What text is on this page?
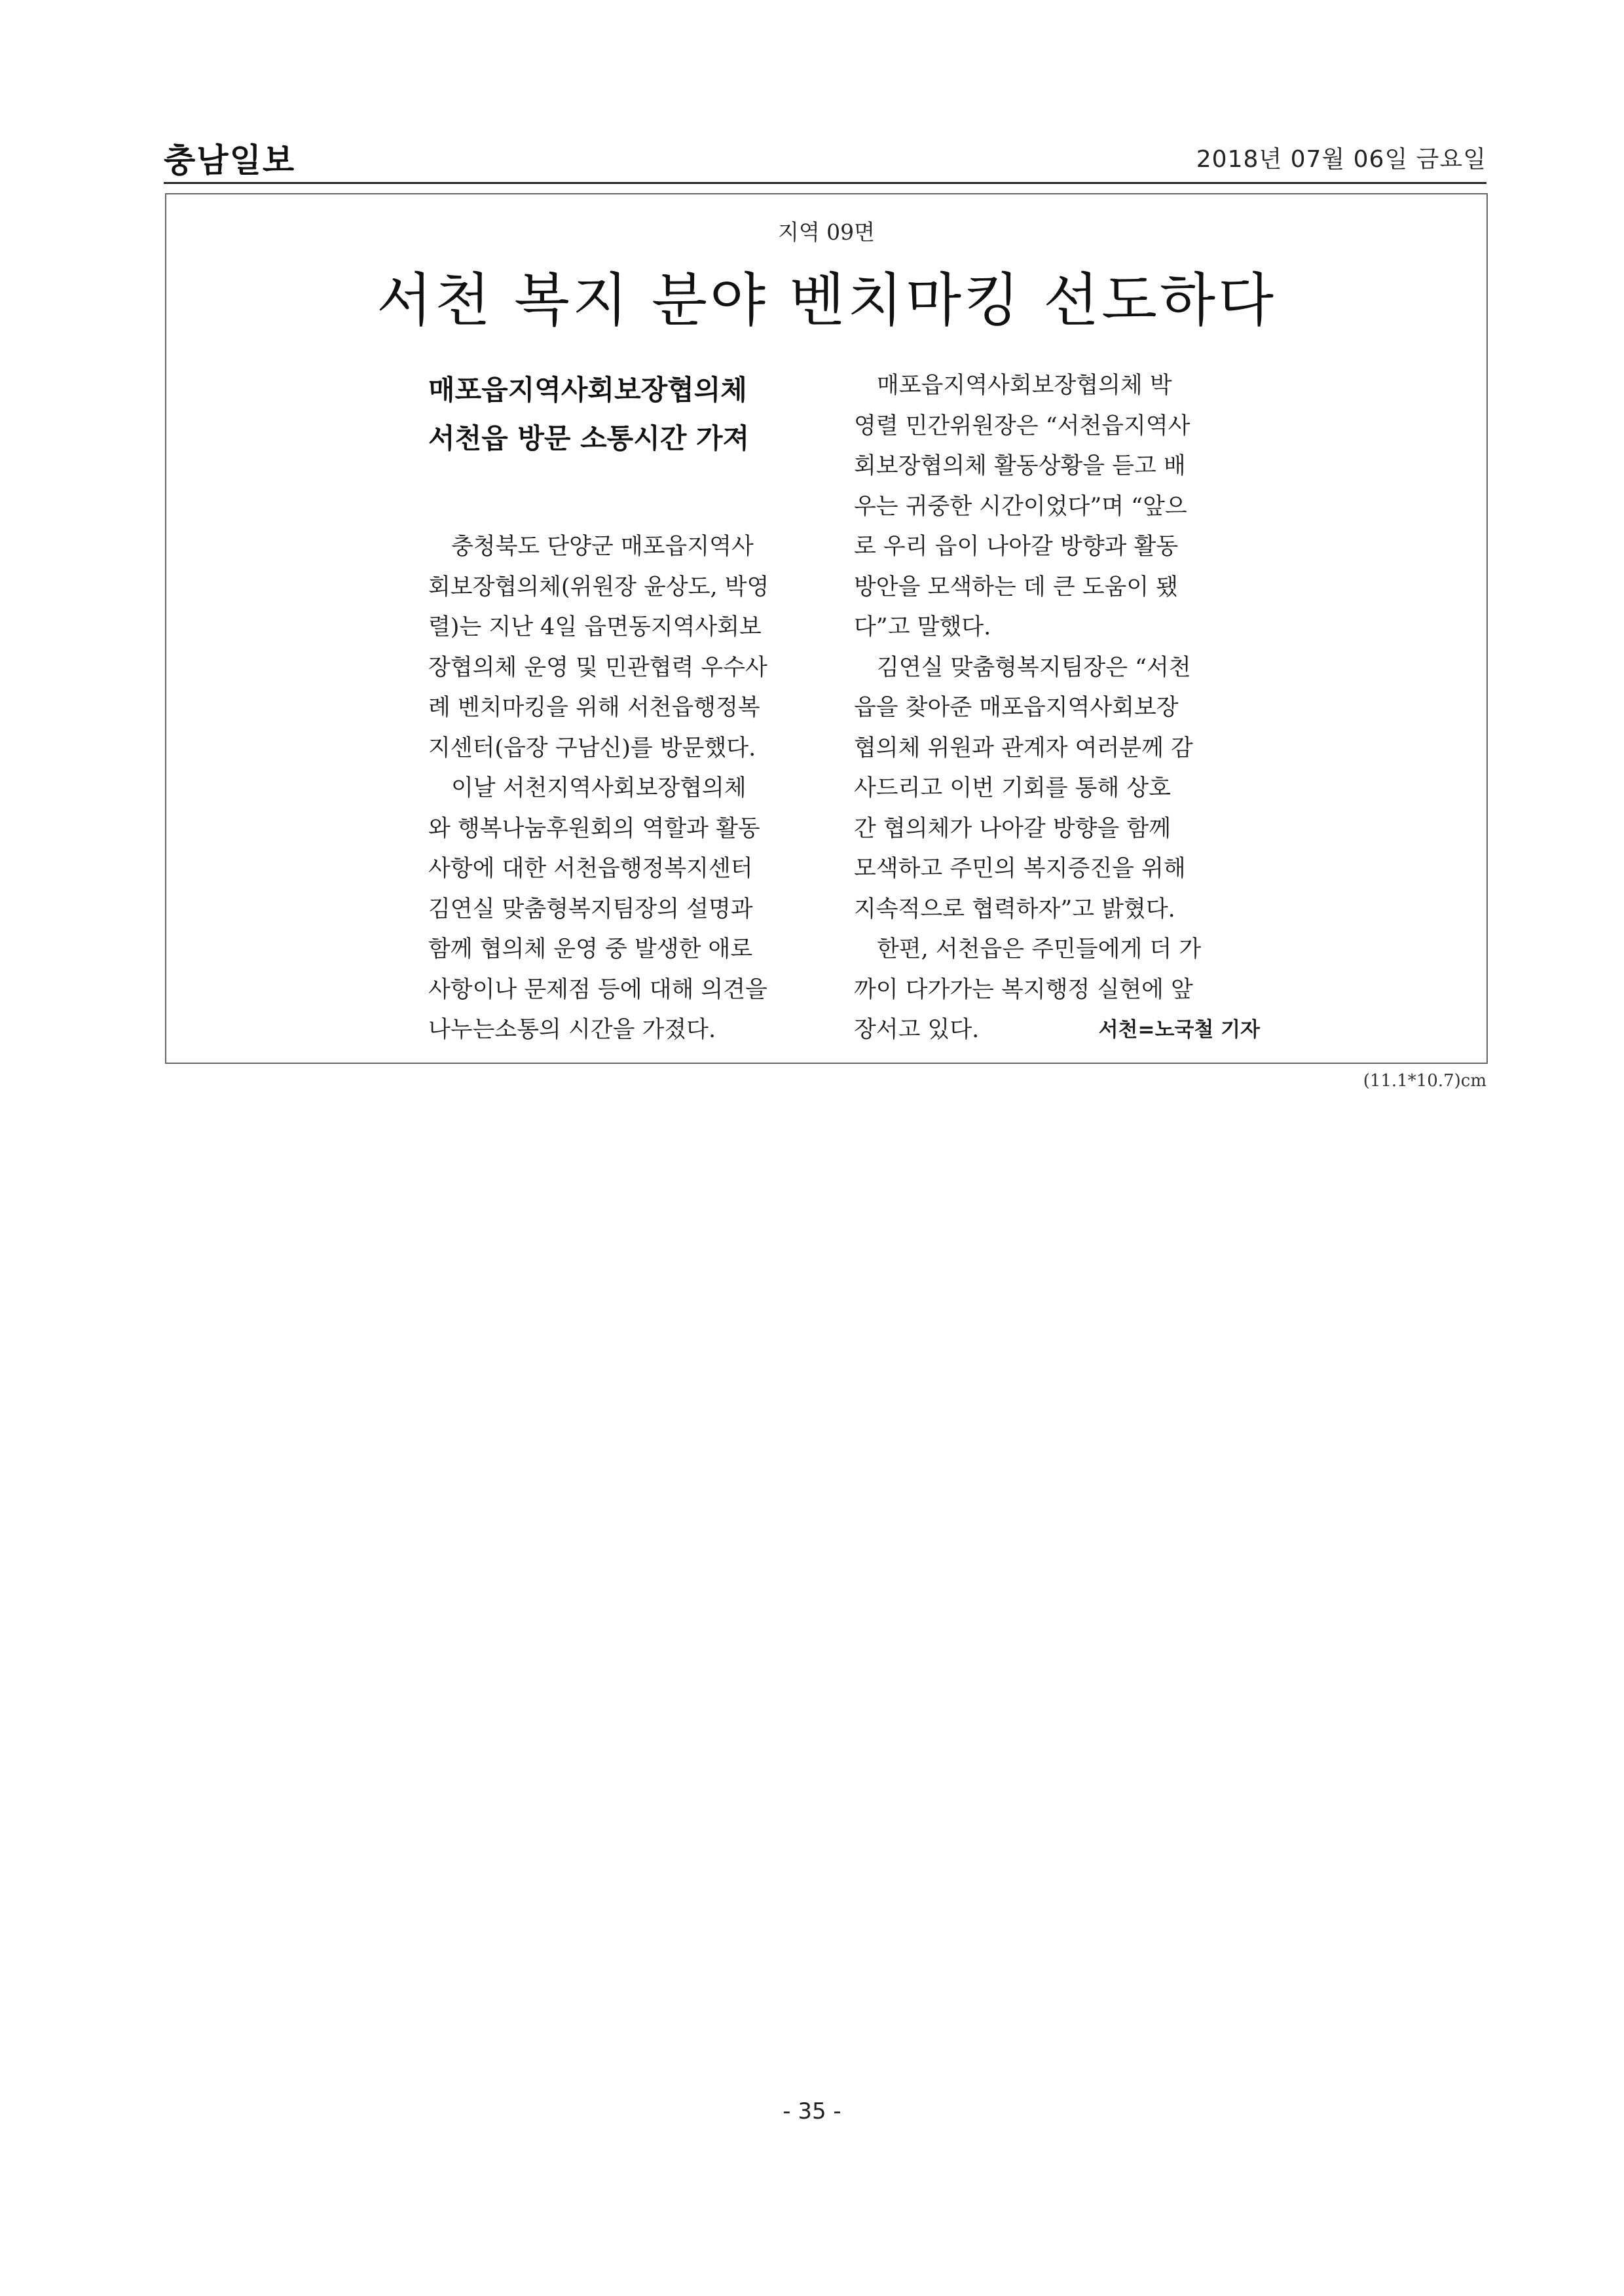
충남일보	2018년 07월 06일 금요일
지역 09면
서천 복지 분야 벤치마킹 선도하다
매포읍지역사회보장협의체
서천읍 방문 소통시간 가져
충청북도 단양군 매포읍지역사
회보장협의체(위원장 윤상도, 박영
렬)는 지난 4일 읍면동지역사회보
장협의체 운영 및 민관협력 우수사
례 벤치마킹을 위해 서천읍행정복
지센터(읍장 구남신)를 방문했다.
이날 서천지역사회보장협의체
와 행복나눔후원회의 역할과 활동
사항에 대한 서천읍행정복지센터
김연실 맞춤형복지팀장의 설명과
함께 협의체 운영 중 발생한 애로
사항이나 문제점 등에 대해 의견을
나누는소통의 시간을 가졌다.
매포읍지역사회보장협의체 박
영렬 민간위원장은 “서천읍지역사
회보장협의체 활동상황을 듣고 배
우는 귀중한 시간이었다”며 “앞으
로 우리 읍이 나아갈 방향과 활동
방안을 모색하는 데 큰 도움이 됐
다”고 말했다.
김연실 맞춤형복지팀장은 “서천
읍을 찾아준 매포읍지역사회보장
협의체 위원과 관계자 여러분께 감
사드리고 이번 기회를 통해 상호
간 협의체가 나아갈 방향을 함께
모색하고 주민의 복지증진을 위해
지속적으로 협력하자”고 밝혔다.
한편, 서천읍은 주민들에게 더 가
까이 다가가는 복지행정 실현에 앞
장서고 있다.	서천=노국철 기자
(11.1*10.7)cm
- 35 -
